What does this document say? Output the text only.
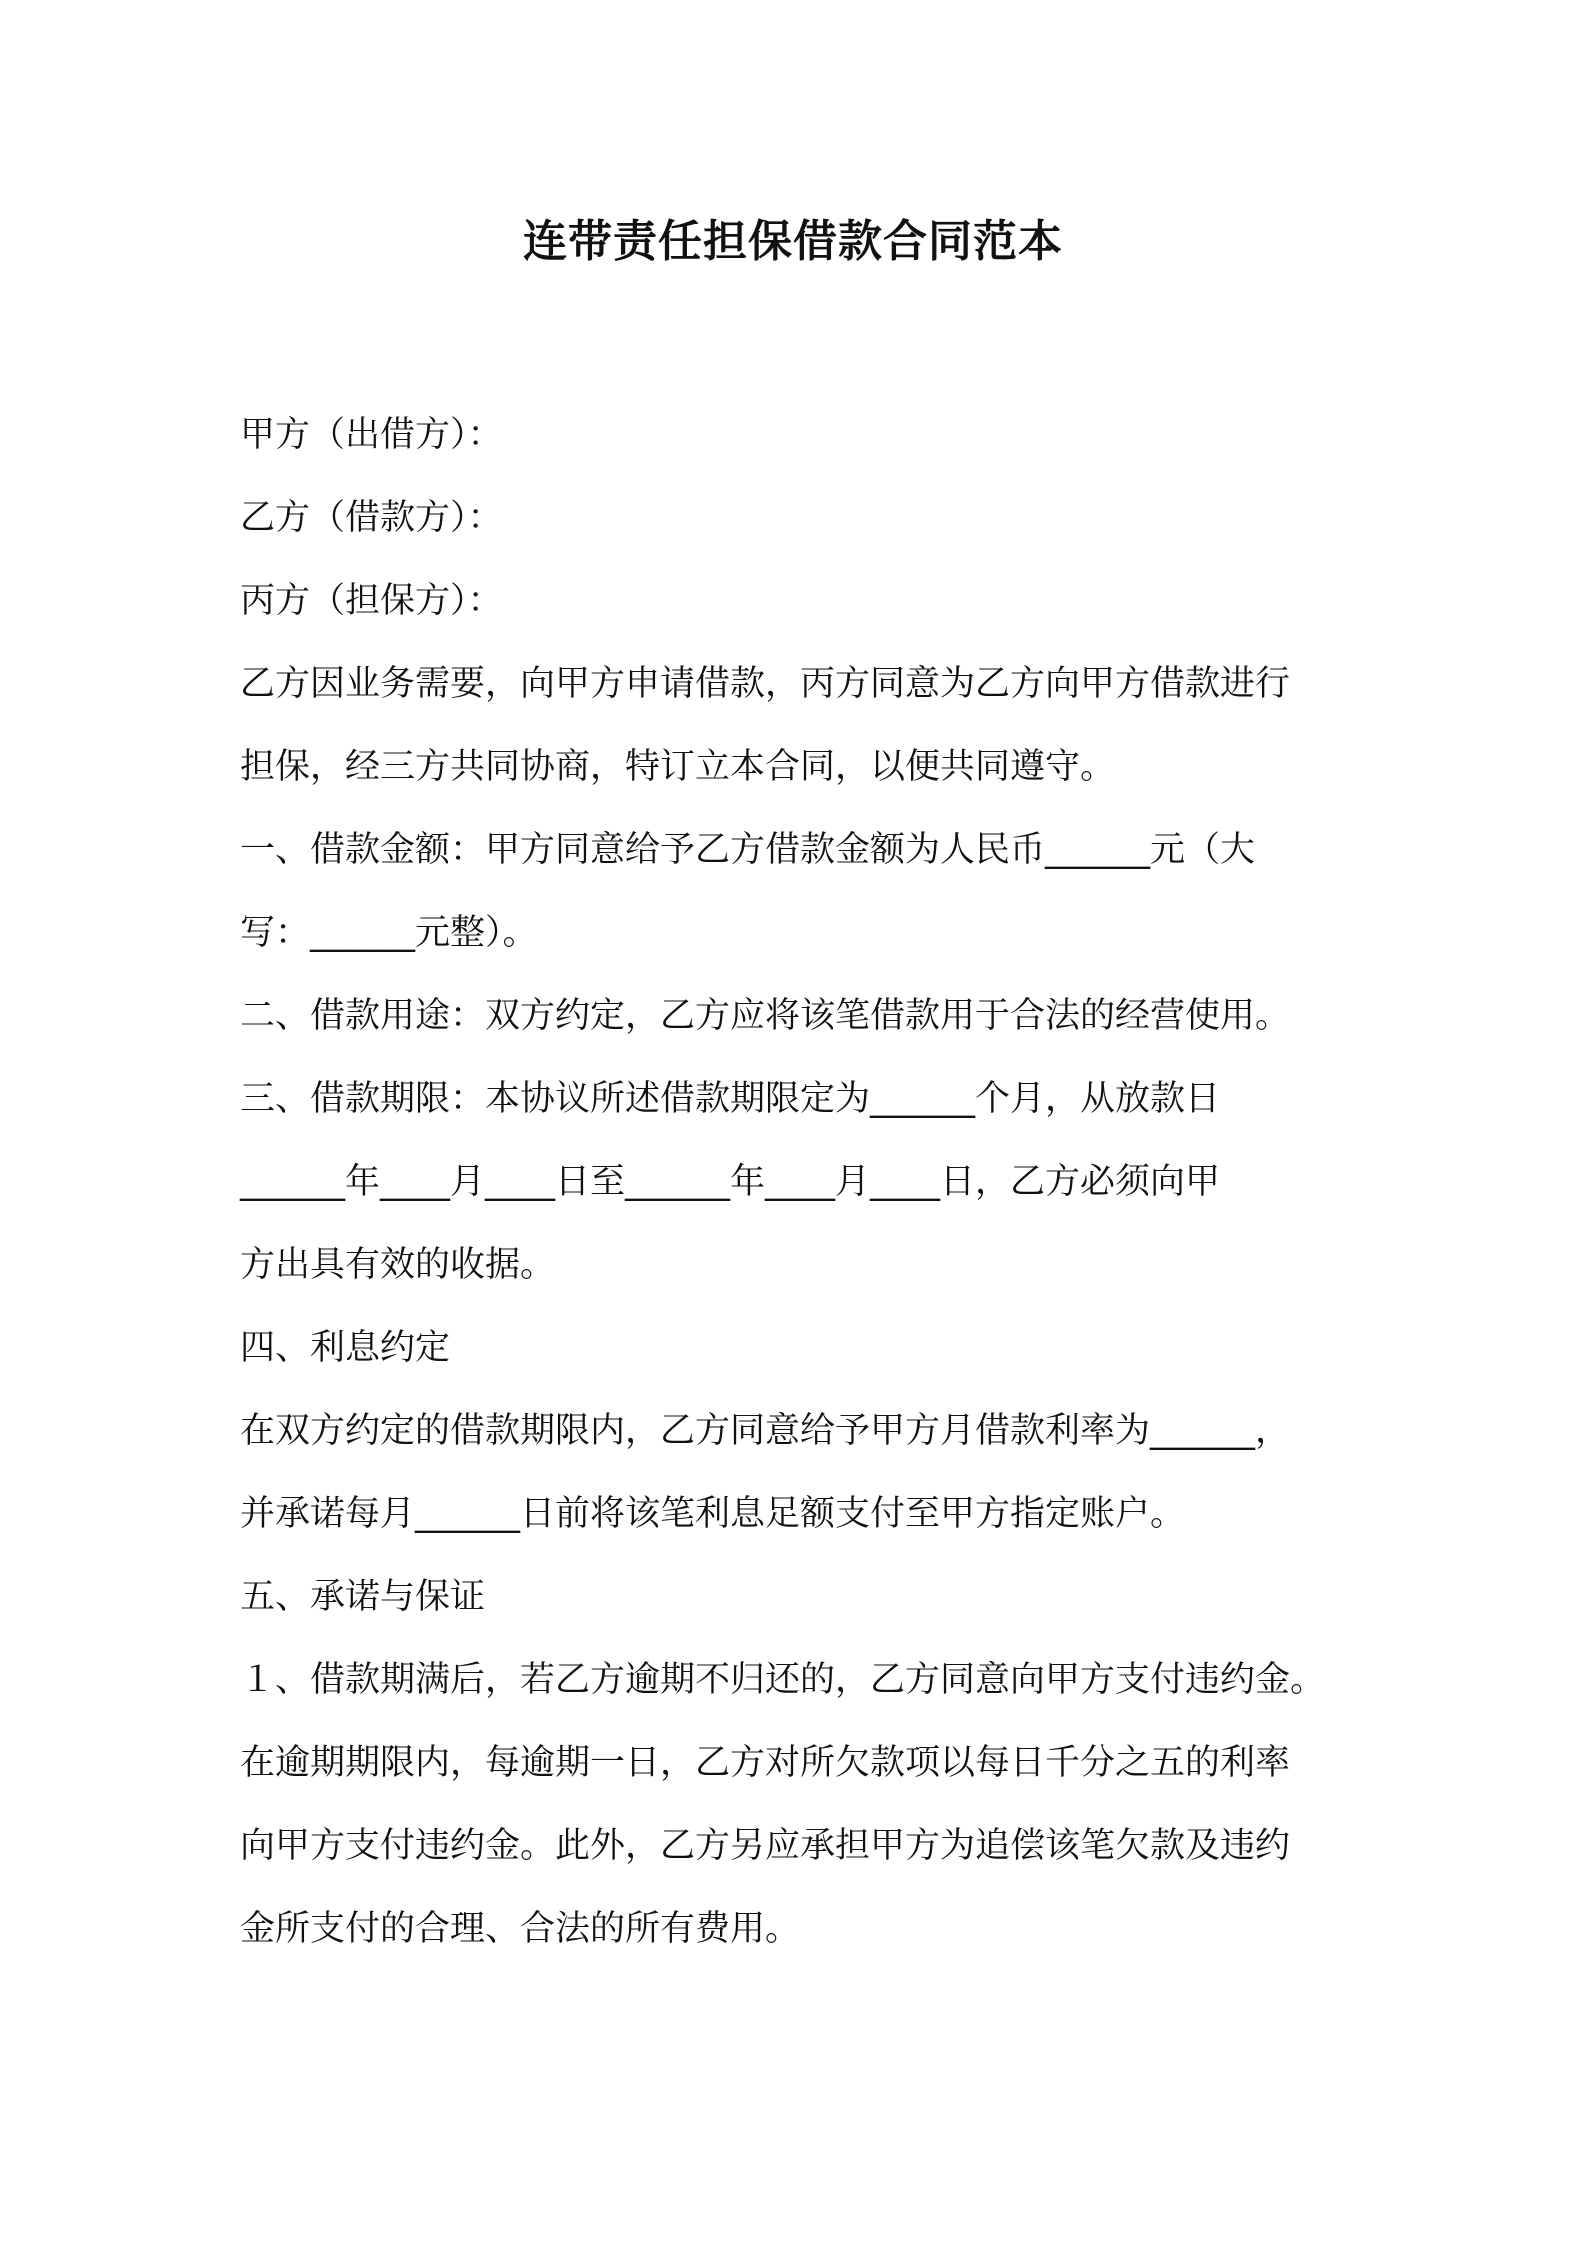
连带责任担保借款合同范本
甲方（出借方）：
乙方（借款方）：
丙方（担保方）：
乙方因业务需要，向甲方申请借款，丙方同意为乙方向甲方借款进行
担保，经三方共同协商，特订立本合同，以便共同遵守。
一、借款金额：甲方同意给予乙方借款金额为人民币______元（大
写：______元整）。
二、借款用途：双方约定，乙方应将该笔借款用于合法的经营使用。
三、借款期限：本协议所述借款期限定为______个月，从放款日
______年____月____日至______年____月____日，乙方必须向甲
方出具有效的收据。
四、利息约定
在双方约定的借款期限内，乙方同意给予甲方月借款利率为______，
并承诺每月______日前将该笔利息足额支付至甲方指定账户。
五、承诺与保证
１、借款期满后，若乙方逾期不归还的，乙方同意向甲方支付违约金。
在逾期期限内，每逾期一日，乙方对所欠款项以每日千分之五的利率
向甲方支付违约金。此外，乙方另应承担甲方为追偿该笔欠款及违约
金所支付的合理、合法的所有费用。
